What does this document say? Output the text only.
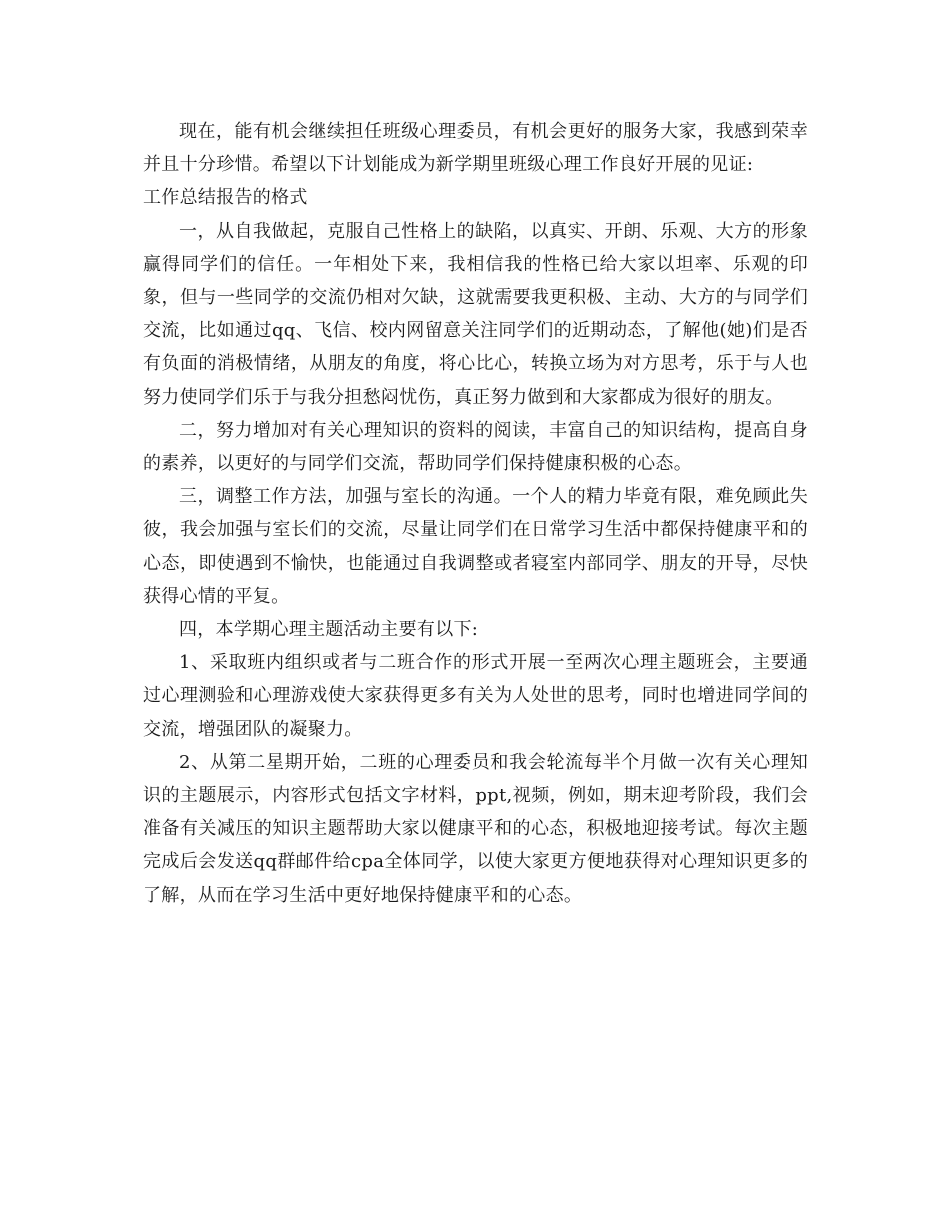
现在，能有机会继续担任班级心理委员，有机会更好的服务大家，我感到荣幸并且十分珍惜。希望以下计划能成为新学期里班级心理工作良好开展的见证:

工作总结报告的格式

一，从自我做起，克服自己性格上的缺陷，以真实、开朗、乐观、大方的形象赢得同学们的信任。一年相处下来，我相信我的性格已给大家以坦率、乐观的印象，但与一些同学的交流仍相对欠缺，这就需要我更积极、主动、大方的与同学们交流，比如通过qq、飞信、校内网留意关注同学们的近期动态，了解他(她)们是否有负面的消极情绪，从朋友的角度，将心比心，转换立场为对方思考，乐于与人也努力使同学们乐于与我分担愁闷忧伤，真正努力做到和大家都成为很好的朋友。

二，努力增加对有关心理知识的资料的阅读，丰富自己的知识结构，提高自身的素养，以更好的与同学们交流，帮助同学们保持健康积极的心态。

三，调整工作方法，加强与室长的沟通。一个人的精力毕竟有限，难免顾此失彼，我会加强与室长们的交流，尽量让同学们在日常学习生活中都保持健康平和的心态，即使遇到不愉快，也能通过自我调整或者寝室内部同学、朋友的开导，尽快获得心情的平复。

四，本学期心理主题活动主要有以下:

1、采取班内组织或者与二班合作的形式开展一至两次心理主题班会，主要通过心理测验和心理游戏使大家获得更多有关为人处世的思考，同时也增进同学间的交流，增强团队的凝聚力。

2、从第二星期开始，二班的心理委员和我会轮流每半个月做一次有关心理知识的主题展示，内容形式包括文字材料，ppt,视频，例如，期末迎考阶段，我们会准备有关减压的知识主题帮助大家以健康平和的心态，积极地迎接考试。每次主题完成后会发送qq群邮件给cpa全体同学，以使大家更方便地获得对心理知识更多的了解，从而在学习生活中更好地保持健康平和的心态。
